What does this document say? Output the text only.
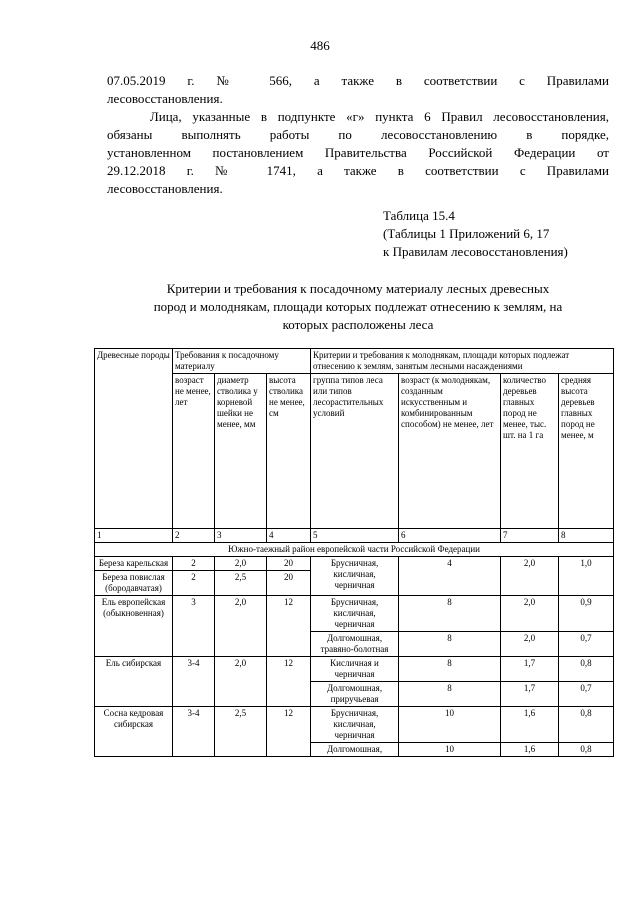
486

07.05.2019 г. № 566, а также в соответствии с Правилами
лесовосстановления.

Лица, указанные в подпункте «г» пункта 6 Правил лесовосстановления,
обязаны выполнять работы по лесовосстановлению в порядке,
установленном постановлением Правительства Российской Федерации от
29.12.2018 г. № 1741, а также в соответствии с Правилами
лесовосстановления.

Таблица 15.4
(Таблицы 1 Приложений 6, 17
к Правилам лесовосстановления)
Критерии и требования к посадочному материалу лесных древесных
пород и молоднякам, площади которых подлежат отнесению к землям, на
которых расположены леса
Древесные породы	Требования к посадочному материалу			Критерии и требования к молоднякам, площади которых подлежат отнесению к землям, занятым лесными насаждениями			
	возраст не менее, лет	диаметр стволика у корневой шейки не менее, мм	высота стволика не менее, см	группа типов леса или типов лесорастительных условий	возраст (к молоднякам, созданным искусственным и комбинированным способом) не менее, лет	количество деревьев главных пород не менее, тыс. шт. на 1 га	средняя высота деревьев главных пород не менее, м
1	2	3	4	5	6	7	8
Южно-таежный район европейской части Российской Федерации							
Береза карельская	2	2,0	20	Брусничная, кисличная, черничная	4	2,0	1,0
Береза повислая (бородавчатая)	2	2,5	20				
Ель европейская (обыкновенная)	3	2,0	12	Брусничная, кисличная, черничная	8	2,0	0,9
				Долгомошная, травяно-болотная	8	2,0	0,7
Ель сибирская	3-4	2,0	12	Кисличная и черничная	8	1,7	0,8
				Долгомошная, приручьевая	8	1,7	0,7
Сосна кедровая сибирская	3-4	2,5	12	Брусничная, кисличная, черничная	10	1,6	0,8
				Долгомошная,	10	1,6	0,8
